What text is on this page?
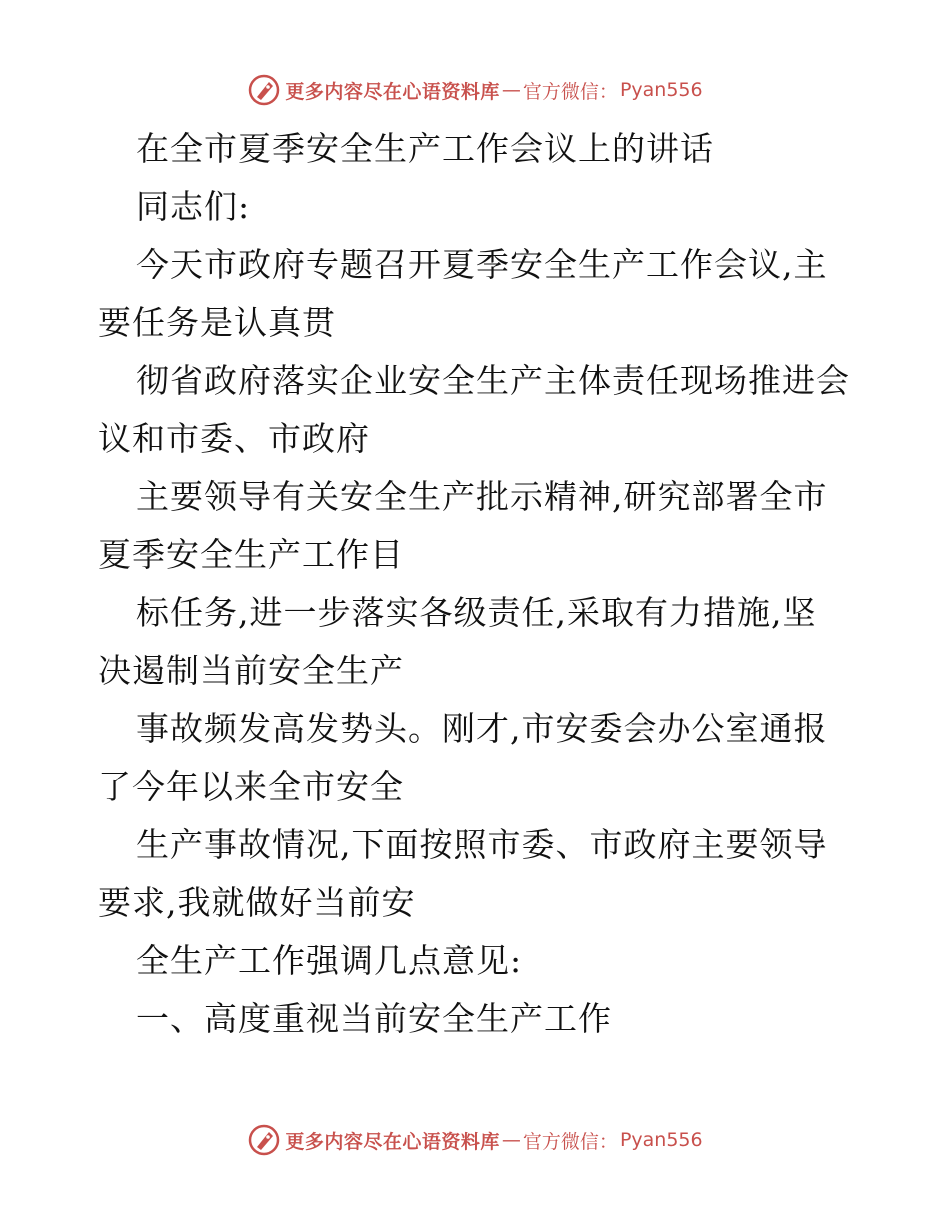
更多内容尽在心语资料库 — 官方微信： Pyan556
在全市夏季安全生产工作会议上的讲话
同志们:
今天市政府专题召开夏季安全生产工作会议,主
要任务是认真贯
彻省政府落实企业安全生产主体责任现场推进会
议和市委、市政府
主要领导有关安全生产批示精神,研究部署全市
夏季安全生产工作目
标任务,进一步落实各级责任,采取有力措施,坚
决遏制当前安全生产
事故频发高发势头。刚才,市安委会办公室通报
了今年以来全市安全
生产事故情况,下面按照市委、市政府主要领导
要求,我就做好当前安
全生产工作强调几点意见:
一、高度重视当前安全生产工作
更多内容尽在心语资料库 — 官方微信： Pyan556
